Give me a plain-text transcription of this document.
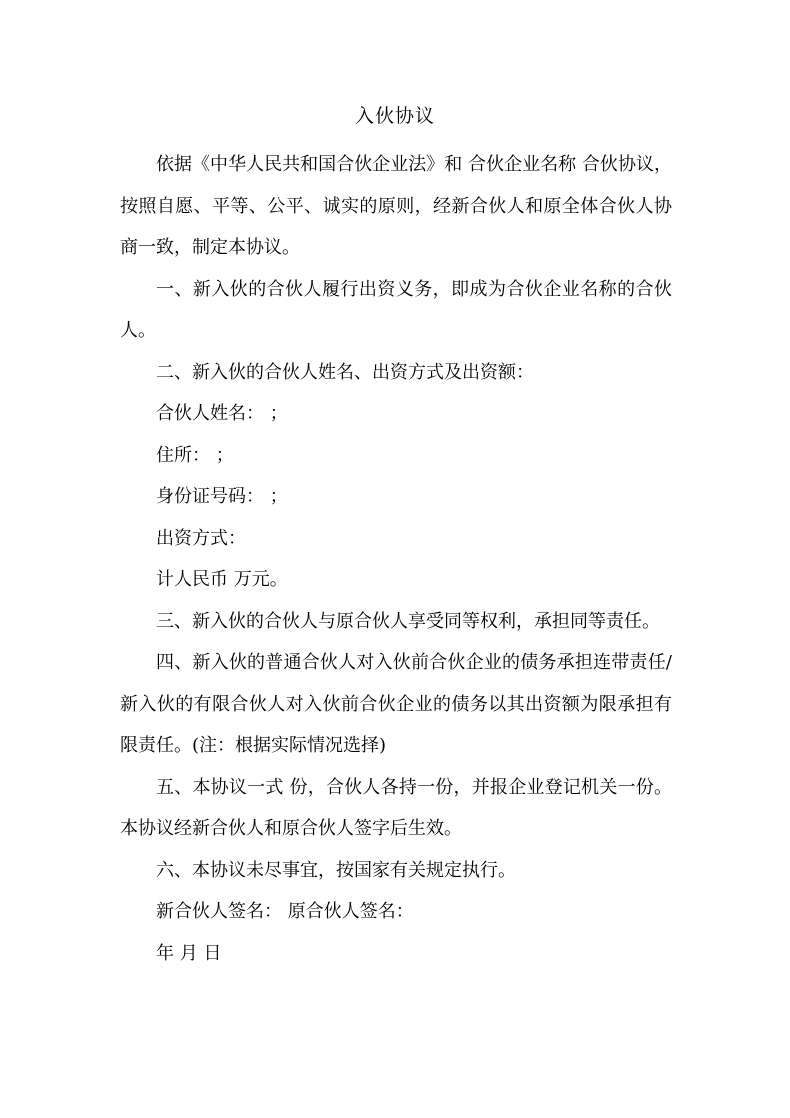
入伙协议

依据《中华人民共和国合伙企业法》和 合伙企业名称 合伙协议，按照自愿、平等、公平、诚实的原则，经新合伙人和原全体合伙人协商一致，制定本协议。

一、新入伙的合伙人履行出资义务，即成为合伙企业名称的合伙人。

二、新入伙的合伙人姓名、出资方式及出资额：

合伙人姓名： ；

住所： ；

身份证号码： ；

出资方式：

计人民币 万元。

三、新入伙的合伙人与原合伙人享受同等权利，承担同等责任。

四、新入伙的普通合伙人对入伙前合伙企业的债务承担连带责任/新入伙的有限合伙人对入伙前合伙企业的债务以其出资额为限承担有限责任。(注：根据实际情况选择)

五、本协议一式 份，合伙人各持一份，并报企业登记机关一份。本协议经新合伙人和原合伙人签字后生效。

六、本协议未尽事宜，按国家有关规定执行。

新合伙人签名： 原合伙人签名：

年 月 日
